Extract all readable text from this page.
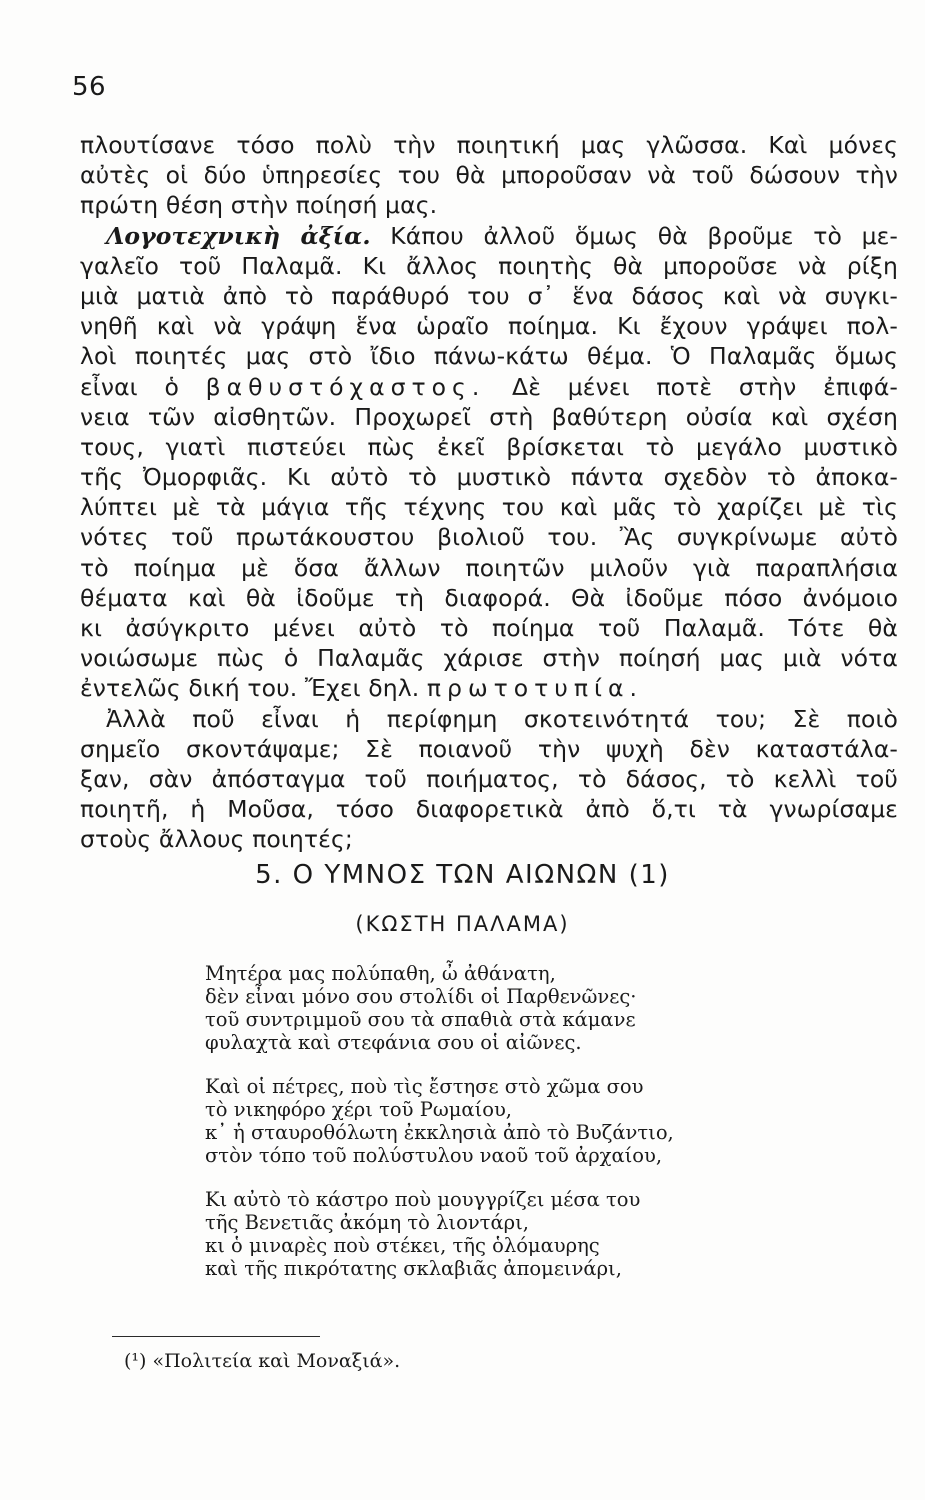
56
πλουτίσανε τόσο πολὺ τὴν ποιητική μας γλῶσσα. Καὶ μόνες
αὐτὲς οἱ δύο ὑπηρεσίες του θὰ μποροῦσαν νὰ τοῦ δώσουν τὴν
πρώτη θέση στὴν ποίησή μας.
Λογοτεχνικὴ ἀξία. Κάπου ἀλλοῦ ὅμως θὰ βροῦμε τὸ με-
γαλεῖο τοῦ Παλαμᾶ. Κι ἄλλος ποιητὴς θὰ μποροῦσε νὰ ρίξη
μιὰ ματιὰ ἀπὸ τὸ παράθυρό του σ᾽ ἕνα δάσος καὶ νὰ συγκι-
νηθῆ καὶ νὰ γράψη ἕνα ὡραῖο ποίημα. Κι ἔχουν γράψει πολ-
λοὶ ποιητές μας στὸ ἴδιο πάνω-κάτω θέμα. Ὁ Παλαμᾶς ὅμως
εἶναι ὁ βαθυστόχαστος. Δὲ μένει ποτὲ στὴν ἐπιφά-
νεια τῶν αἰσθητῶν. Προχωρεῖ στὴ βαθύτερη οὐσία καὶ σχέση
τους, γιατὶ πιστεύει πὼς ἐκεῖ βρίσκεται τὸ μεγάλο μυστικὸ
τῆς Ὀμορφιᾶς. Κι αὐτὸ τὸ μυστικὸ πάντα σχεδὸν τὸ ἀποκα-
λύπτει μὲ τὰ μάγια τῆς τέχνης του καὶ μᾶς τὸ χαρίζει μὲ τὶς
νότες τοῦ πρωτάκουστου βιολιοῦ του. Ἂς συγκρίνωμε αὐτὸ
τὸ ποίημα μὲ ὅσα ἄλλων ποιητῶν μιλοῦν γιὰ παραπλήσια
θέματα καὶ θὰ ἰδοῦμε τὴ διαφορά. Θὰ ἰδοῦμε πόσο ἀνόμοιο
κι ἀσύγκριτο μένει αὐτὸ τὸ ποίημα τοῦ Παλαμᾶ. Τότε θὰ
νοιώσωμε πὼς ὁ Παλαμᾶς χάρισε στὴν ποίησή μας μιὰ νότα
ἐντελῶς δική του. Ἔχει δηλ. πρωτοτυπία.
Ἀλλὰ ποῦ εἶναι ἡ περίφημη σκοτεινότητά του; Σὲ ποιὸ
σημεῖο σκοντάψαμε; Σὲ ποιανοῦ τὴν ψυχὴ δὲν καταστάλα-
ξαν, σὰν ἀπόσταγμα τοῦ ποιήματος, τὸ δάσος, τὸ κελλὶ τοῦ
ποιητῆ, ἡ Μοῦσα, τόσο διαφορετικὰ ἀπὸ ὅ,τι τὰ γνωρίσαμε
στοὺς ἄλλους ποιητές;
5. Ο ΥΜΝΟΣ ΤΩΝ ΑΙΩΝΩΝ (1)
(ΚΩΣΤΗ ΠΑΛΑΜΑ)
Μητέρα μας πολύπαθη, ὦ ἀθάνατη,
δὲν εἶναι μόνο σου στολίδι οἱ Παρθενῶνες·
τοῦ συντριμμοῦ σου τὰ σπαθιὰ στὰ κάμανε
φυλαχτὰ καὶ στεφάνια σου οἱ αἰῶνες.
Καὶ οἱ πέτρες, ποὺ τὶς ἔστησε στὸ χῶμα σου
τὸ νικηφόρο χέρι τοῦ Ρωμαίου,
κ᾽ ἡ σταυροθόλωτη ἐκκλησιὰ ἀπὸ τὸ Βυζάντιο,
στὸν τόπο τοῦ πολύστυλου ναοῦ τοῦ ἀρχαίου,
Κι αὐτὸ τὸ κάστρο ποὺ μουγγρίζει μέσα του
τῆς Βενετιᾶς ἀκόμη τὸ λιοντάρι,
κι ὁ μιναρὲς ποὺ στέκει, τῆς ὁλόμαυρης
καὶ τῆς πικρότατης σκλαβιᾶς ἀπομεινάρι,
(¹) «Πολιτεία καὶ Μοναξιά».
